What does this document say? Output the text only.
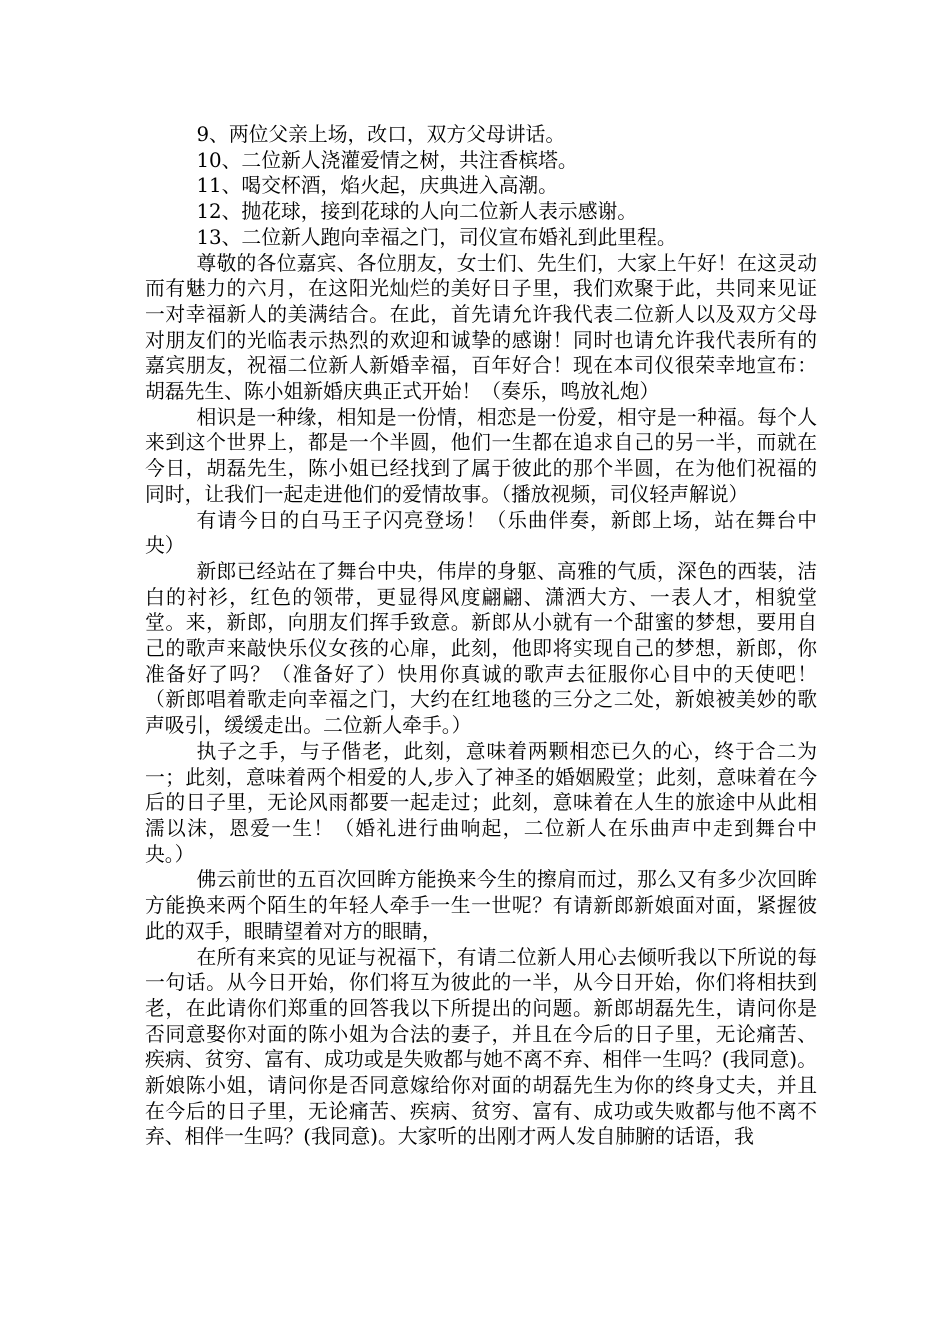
9、两位父亲上场，改口，双方父母讲话。

10、二位新人浇灌爱情之树，共注香槟塔。

11、喝交杯酒，焰火起，庆典进入高潮。

12、抛花球，接到花球的人向二位新人表示感谢。

13、二位新人跑向幸福之门，司仪宣布婚礼到此里程。

尊敬的各位嘉宾、各位朋友，女士们、先生们，大家上午好！在这灵动而有魅力的六月，在这阳光灿烂的美好日子里，我们欢聚于此，共同来见证一对幸福新人的美满结合。在此，首先请允许我代表二位新人以及双方父母对朋友们的光临表示热烈的欢迎和诚挚的感谢！同时也请允许我代表所有的嘉宾朋友，祝福二位新人新婚幸福，百年好合！现在本司仪很荣幸地宣布：胡磊先生、陈小姐新婚庆典正式开始！（奏乐，鸣放礼炮）

相识是一种缘，相知是一份情，相恋是一份爱，相守是一种福。每个人来到这个世界上，都是一个半圆，他们一生都在追求自己的另一半，而就在今日，胡磊先生，陈小姐已经找到了属于彼此的那个半圆，在为他们祝福的同时，让我们一起走进他们的爱情故事。（播放视频，司仪轻声解说）

有请今日的白马王子闪亮登场！（乐曲伴奏，新郎上场，站在舞台中央）

新郎已经站在了舞台中央，伟岸的身躯、高雅的气质，深色的西装，洁白的衬衫，红色的领带，更显得风度翩翩、潇洒大方、一表人才，相貌堂堂。来，新郎，向朋友们挥手致意。新郎从小就有一个甜蜜的梦想，要用自己的歌声来敲快乐仪女孩的心扉，此刻，他即将实现自己的梦想，新郎，你准备好了吗？（准备好了）快用你真诚的歌声去征服你心目中的天使吧！（新郎唱着歌走向幸福之门，大约在红地毯的三分之二处，新娘被美妙的歌声吸引，缓缓走出。二位新人牵手。）

执子之手，与子偕老，此刻，意味着两颗相恋已久的心，终于合二为一；此刻，意味着两个相爱的人,步入了神圣的婚姻殿堂；此刻，意味着在今后的日子里，无论风雨都要一起走过；此刻，意味着在人生的旅途中从此相濡以沫，恩爱一生！（婚礼进行曲响起，二位新人在乐曲声中走到舞台中央。）

佛云前世的五百次回眸方能换来今生的擦肩而过，那么又有多少次回眸方能换来两个陌生的年轻人牵手一生一世呢？有请新郎新娘面对面，紧握彼此的双手，眼睛望着对方的眼睛，

在所有来宾的见证与祝福下，有请二位新人用心去倾听我以下所说的每一句话。从今日开始，你们将互为彼此的一半，从今日开始，你们将相扶到老，在此请你们郑重的回答我以下所提出的问题。新郎胡磊先生，请问你是否同意娶你对面的陈小姐为合法的妻子，并且在今后的日子里，无论痛苦、疾病、贫穷、富有、成功或是失败都与她不离不弃、相伴一生吗？(我同意)。新娘陈小姐，请问你是否同意嫁给你对面的胡磊先生为你的终身丈夫，并且在今后的日子里，无论痛苦、疾病、贫穷、富有、成功或失败都与他不离不弃、相伴一生吗？(我同意)。大家听的出刚才两人发自肺腑的话语，我
